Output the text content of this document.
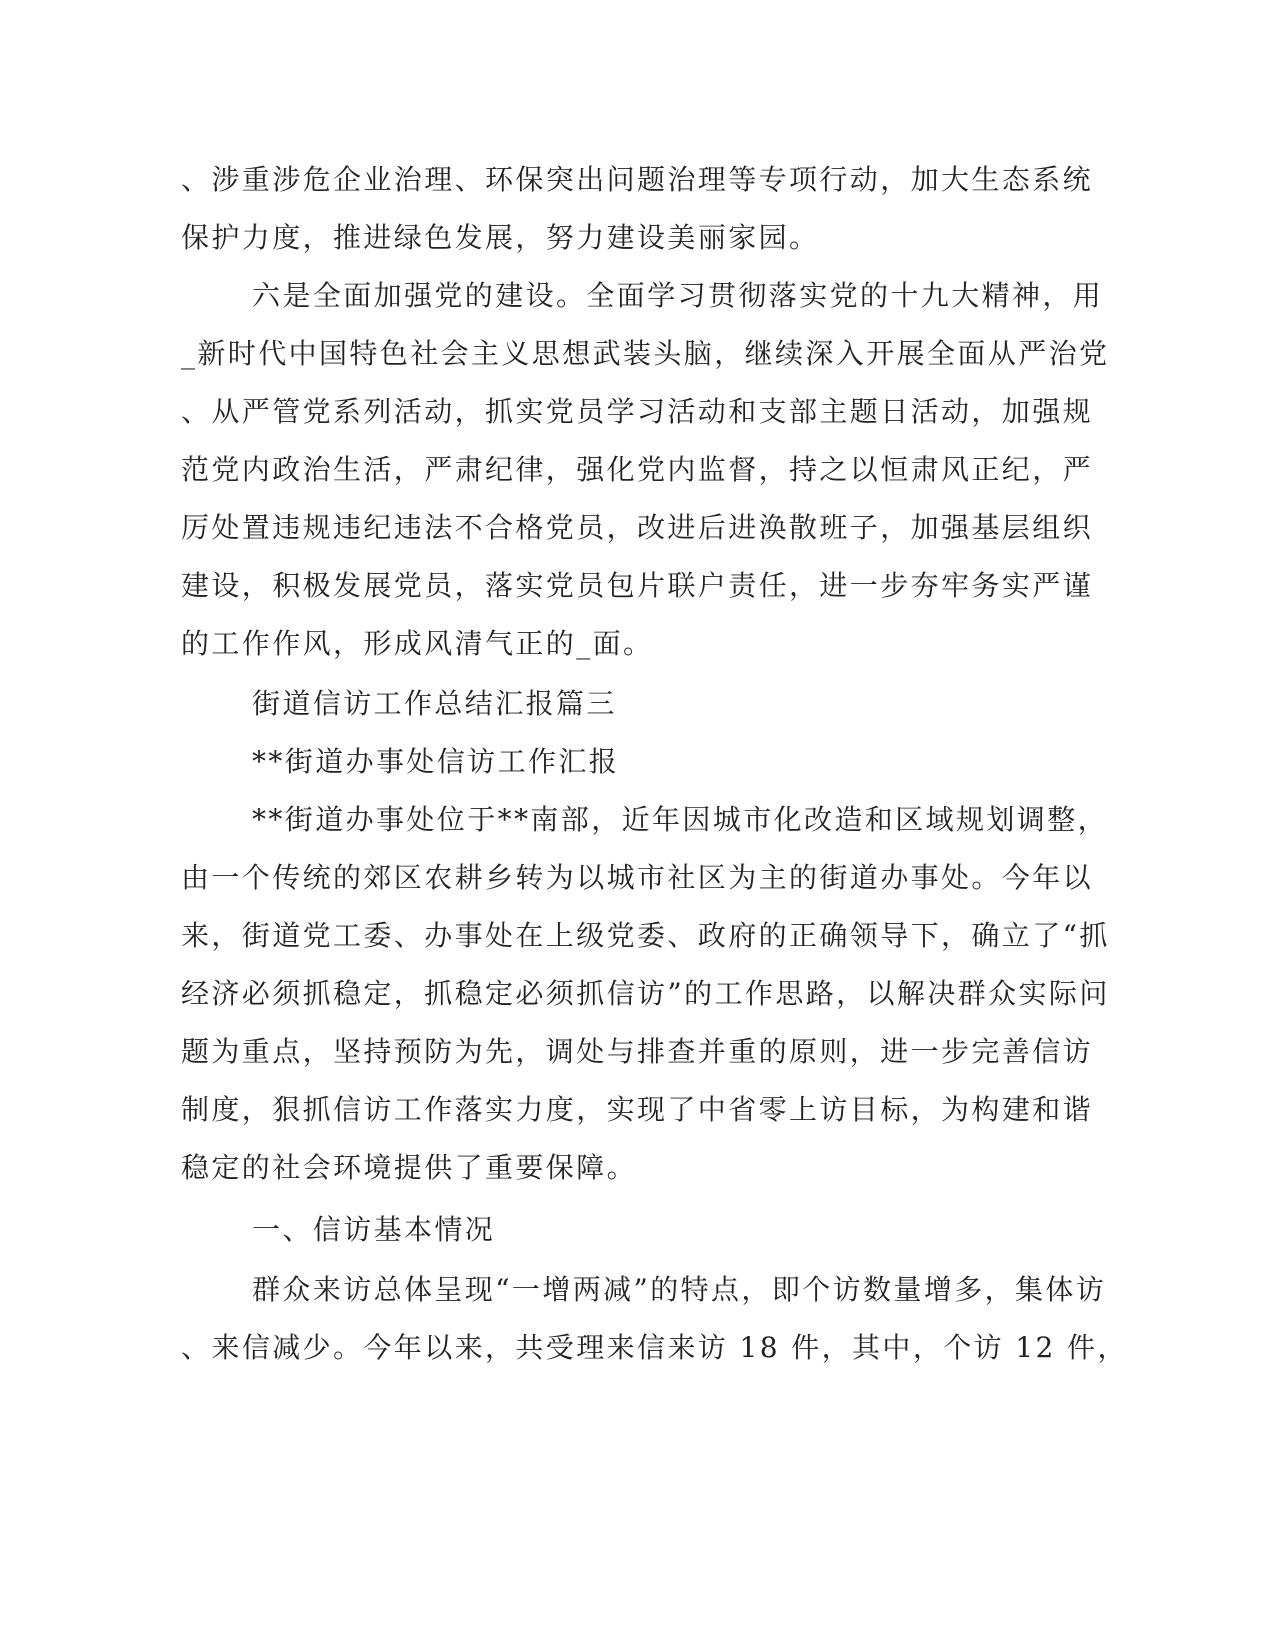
、涉重涉危企业治理、环保突出问题治理等专项行动，加大生态系统
保护力度，推进绿色发展，努力建设美丽家园。
六是全面加强党的建设。全面学习贯彻落实党的十九大精神，用
_新时代中国特色社会主义思想武装头脑，继续深入开展全面从严治党
、从严管党系列活动，抓实党员学习活动和支部主题日活动，加强规
范党内政治生活，严肃纪律，强化党内监督，持之以恒肃风正纪，严
厉处置违规违纪违法不合格党员，改进后进涣散班子，加强基层组织
建设，积极发展党员，落实党员包片联户责任，进一步夯牢务实严谨
的工作作风，形成风清气正的_面。
街道信访工作总结汇报篇三
**街道办事处信访工作汇报
**街道办事处位于**南部，近年因城市化改造和区域规划调整，
由一个传统的郊区农耕乡转为以城市社区为主的街道办事处。今年以
来，街道党工委、办事处在上级党委、政府的正确领导下，确立了“抓
经济必须抓稳定，抓稳定必须抓信访”的工作思路，以解决群众实际问
题为重点，坚持预防为先，调处与排查并重的原则，进一步完善信访
制度，狠抓信访工作落实力度，实现了中省零上访目标，为构建和谐
稳定的社会环境提供了重要保障。
一、信访基本情况
群众来访总体呈现“一增两减”的特点，即个访数量增多，集体访
、来信减少。今年以来，共受理来信来访 18 件，其中，个访 12 件，
